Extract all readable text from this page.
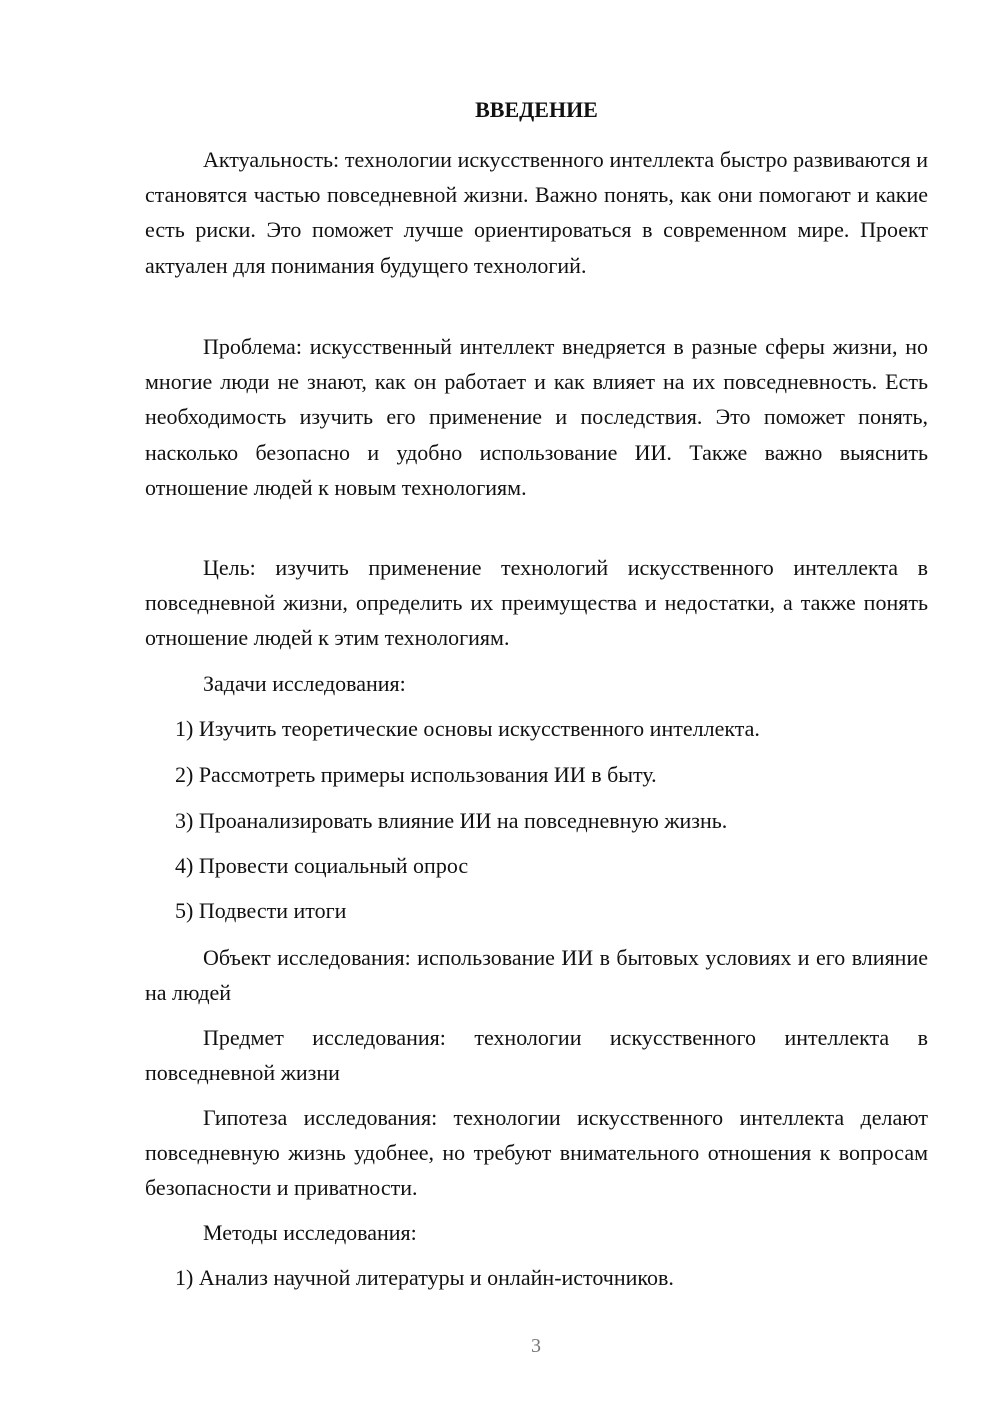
ВВЕДЕНИЕ

Актуальность: технологии искусственного интеллекта быстро развиваются и становятся частью повседневной жизни. Важно понять, как они помогают и какие есть риски. Это поможет лучше ориентироваться в современном мире. Проект актуален для понимания будущего технологий.

Проблема: искусственный интеллект внедряется в разные сферы жизни, но многие люди не знают, как он работает и как влияет на их повседневность. Есть необходимость изучить его применение и последствия. Это поможет понять, насколько безопасно и удобно использование ИИ. Также важно выяснить отношение людей к новым технологиям.

Цель: изучить применение технологий искусственного интеллекта в повседневной жизни, определить их преимущества и недостатки, а также понять отношение людей к этим технологиям.

Задачи исследования:

1) Изучить теоретические основы искусственного интеллекта.

2) Рассмотреть примеры использования ИИ в быту.

3) Проанализировать влияние ИИ на повседневную жизнь.

4) Провести социальный опрос

5) Подвести итоги

Объект исследования: использование ИИ в бытовых условиях и его влияние на людей

Предмет исследования: технологии искусственного интеллекта в повседневной жизни

Гипотеза исследования: технологии искусственного интеллекта делают повседневную жизнь удобнее, но требуют внимательного отношения к вопросам безопасности и приватности.

Методы исследования:

1) Анализ научной литературы и онлайн-источников.

3
